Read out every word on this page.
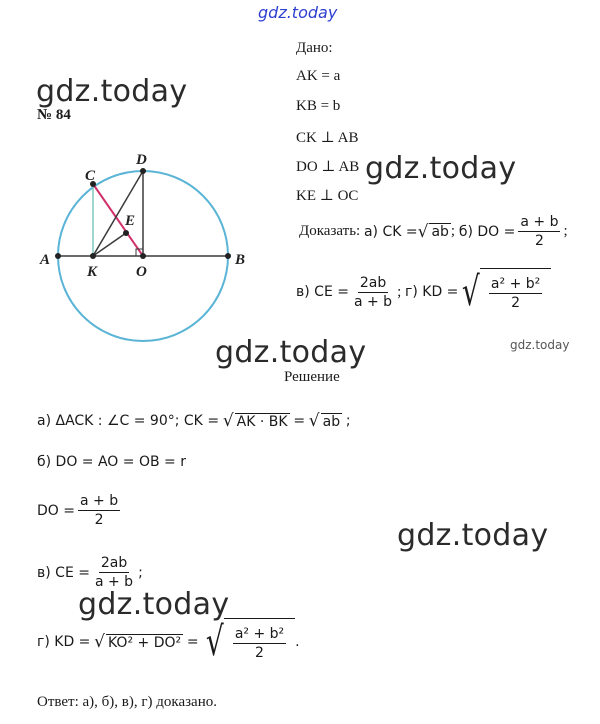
gdz.today
gdz.today
gdz.today
gdz.today	gdz.today
gdz.today
gdz.today
№ 84
A	B
C
D
E
K	O
Дано:
AK = a
KB = b
CK ⊥ AB
DO ⊥ AB
KE ⊥ OC
Доказать:
а) CK = √ ab ; б) DO = $\frac{a + b}{2}$ ;
в) CE = $\frac{2ab}{a + b}$ ; г) KD = √ $\frac{\text{a² + b²}}{2}$
Решение
а) ΔACK : ∠C = 90°; CK =
√ AK · BK
=
√ ab
;
б) DO = AO = OB = r
DO = $\frac{a + b}{2}$
в) CE = $\frac{2ab}{a + b}$ ;
г) KD =
√ KO² + DO²
=
√ $\frac{\text{a² + b²}}{2}$ .
Ответ: а), б), в), г) доказано.
